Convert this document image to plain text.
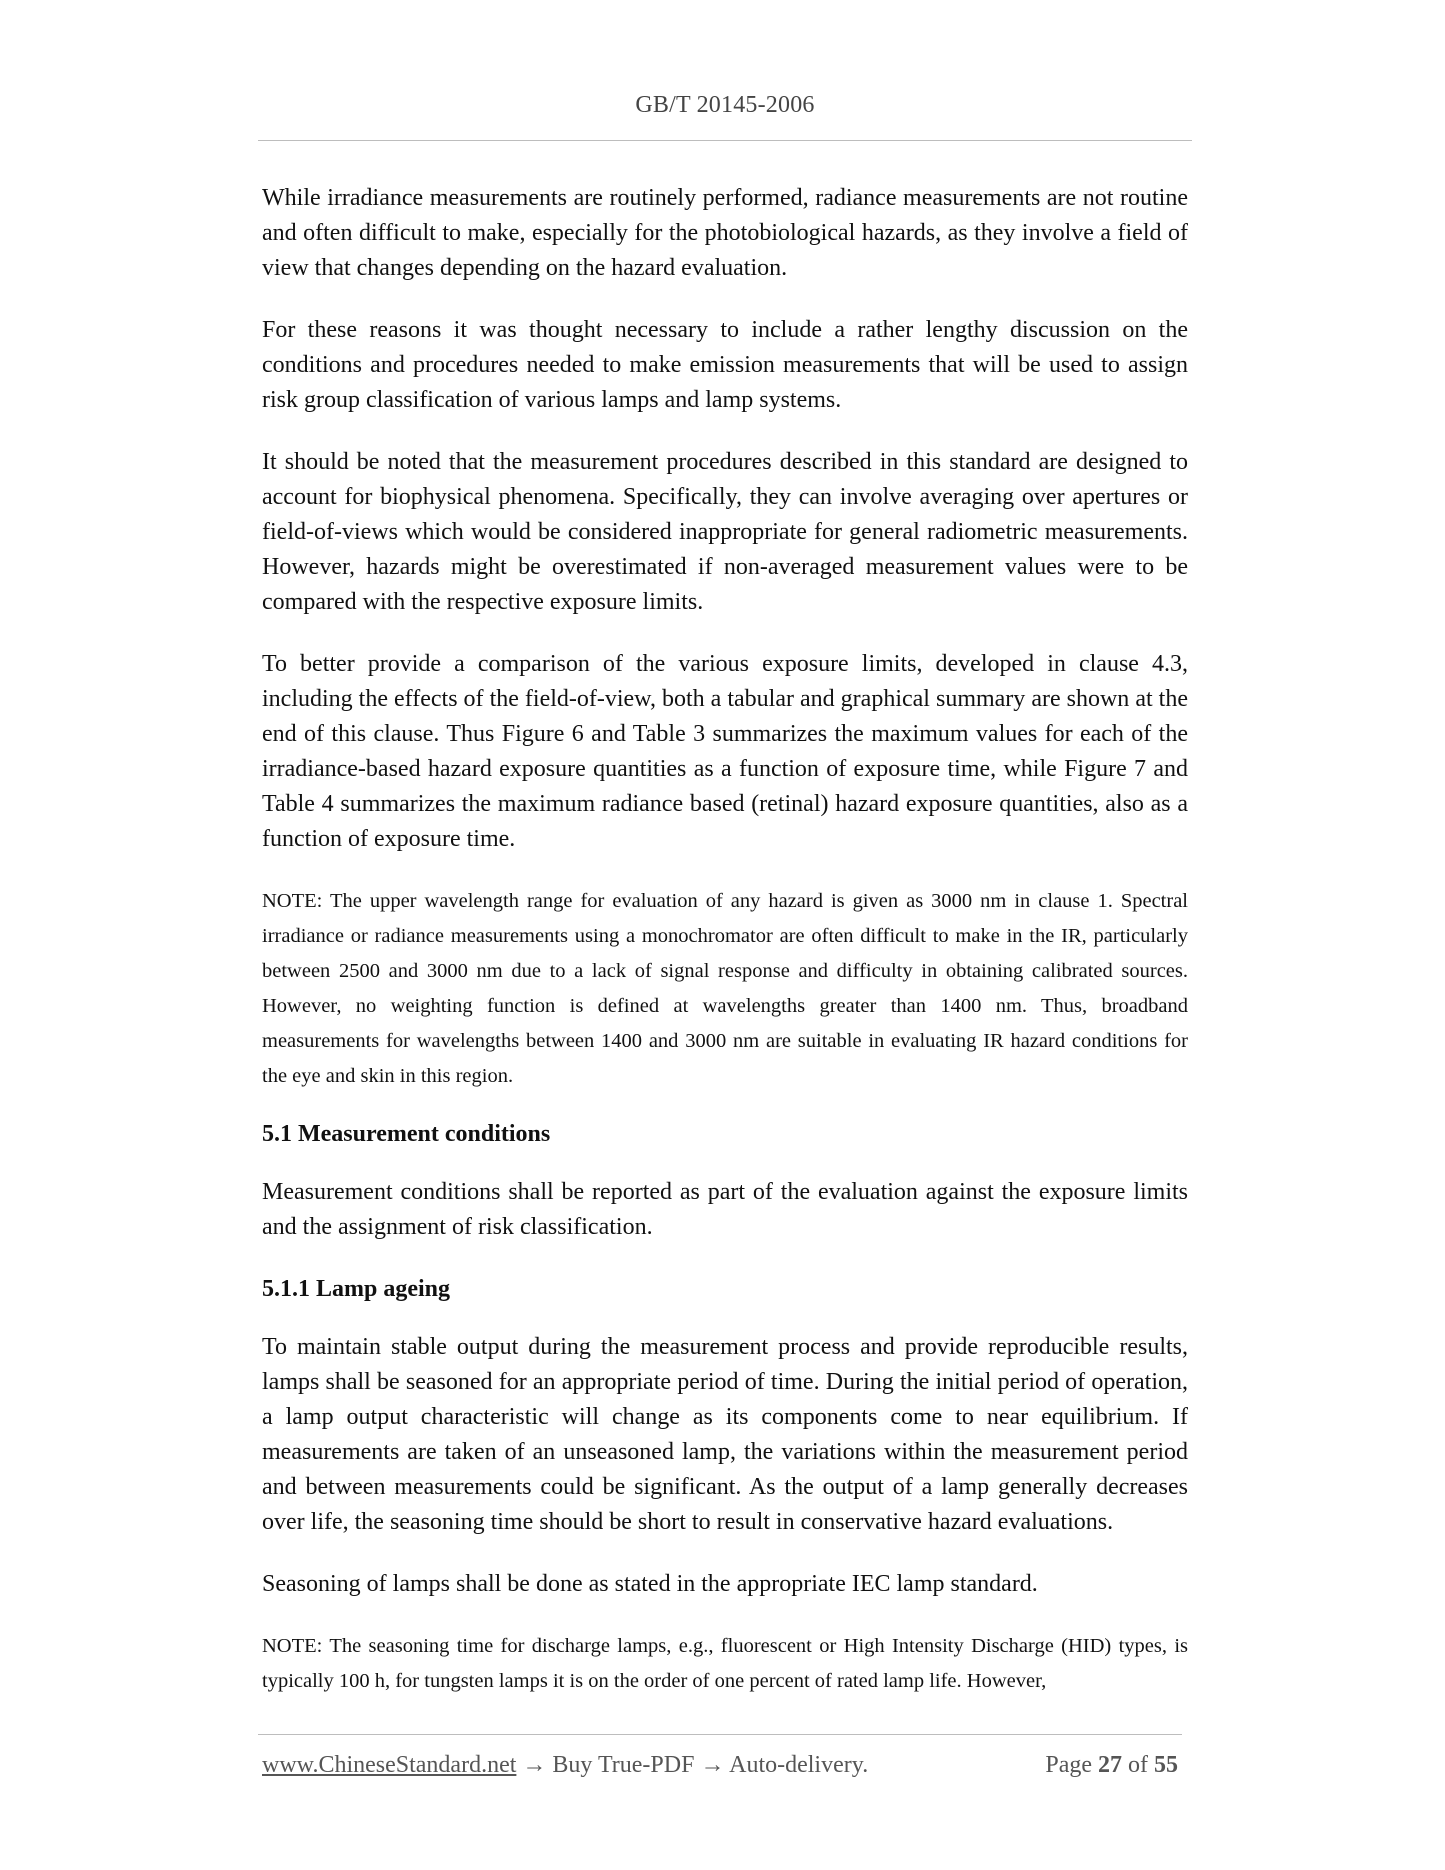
GB/T 20145-2006

While irradiance measurements are routinely performed, radiance measurements are not routine and often difficult to make, especially for the photobiological hazards, as they involve a field of view that changes depending on the hazard evaluation.

For these reasons it was thought necessary to include a rather lengthy discussion on the conditions and procedures needed to make emission measurements that will be used to assign risk group classification of various lamps and lamp systems.

It should be noted that the measurement procedures described in this standard are designed to account for biophysical phenomena. Specifically, they can involve averaging over apertures or field-of-views which would be considered inappropriate for general radiometric measurements. However, hazards might be overestimated if non-averaged measurement values were to be compared with the respective exposure limits.

To better provide a comparison of the various exposure limits, developed in clause 4.3, including the effects of the field-of-view, both a tabular and graphical summary are shown at the end of this clause. Thus Figure 6 and Table 3 summarizes the maximum values for each of the irradiance-based hazard exposure quantities as a function of exposure time, while Figure 7 and Table 4 summarizes the maximum radiance based (retinal) hazard exposure quantities, also as a function of exposure time.

NOTE: The upper wavelength range for evaluation of any hazard is given as 3000 nm in clause 1. Spectral irradiance or radiance measurements using a monochromator are often difficult to make in the IR, particularly between 2500 and 3000 nm due to a lack of signal response and difficulty in obtaining calibrated sources. However, no weighting function is defined at wavelengths greater than 1400 nm. Thus, broadband measurements for wavelengths between 1400 and 3000 nm are suitable in evaluating IR hazard conditions for the eye and skin in this region.

5.1 Measurement conditions

Measurement conditions shall be reported as part of the evaluation against the exposure limits and the assignment of risk classification.

5.1.1 Lamp ageing

To maintain stable output during the measurement process and provide reproducible results, lamps shall be seasoned for an appropriate period of time. During the initial period of operation, a lamp output characteristic will change as its components come to near equilibrium. If measurements are taken of an unseasoned lamp, the variations within the measurement period and between measurements could be significant. As the output of a lamp generally decreases over life, the seasoning time should be short to result in conservative hazard evaluations.

Seasoning of lamps shall be done as stated in the appropriate IEC lamp standard.

NOTE: The seasoning time for discharge lamps, e.g., fluorescent or High Intensity Discharge (HID) types, is typically 100 h, for tungsten lamps it is on the order of one percent of rated lamp life. However,

www.ChineseStandard.net → Buy True-PDF → Auto-delivery.	Page 27 of 55
